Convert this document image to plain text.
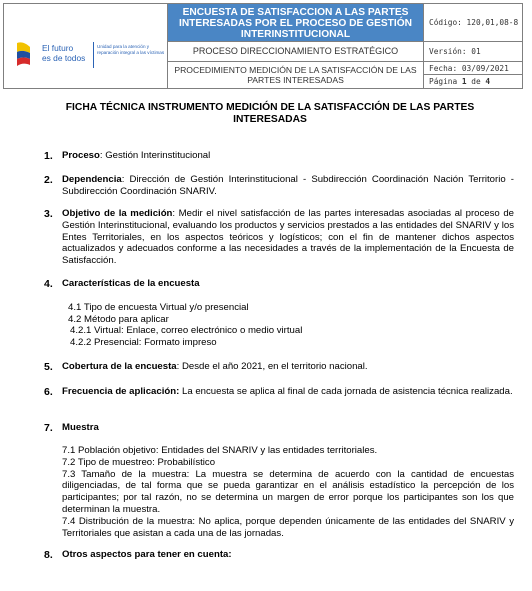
El futuro
es de todos
Unidad para la atención y reparación integral a las víctimas
ENCUESTA DE SATISFACCION A LAS PARTES INTERESADAS POR EL PROCESO DE GESTIÓN INTERINSTITUCIONAL
PROCESO DIRECCIONAMIENTO ESTRATÉGICO
PROCEDIMIENTO MEDICIÓN DE LA SATISFACCIÓN DE LAS PARTES INTERESADAS
Código: 120,01,08-8
Versión: 01
Fecha: 03/09/2021
Página 1 de 4
FICHA TÉCNICA INSTRUMENTO MEDICIÓN DE LA SATISFACCIÓN DE LAS PARTES INTERESADAS
1. Proceso: Gestión Interinstitucional
2. Dependencia: Dirección de Gestión Interinstitucional - Subdirección Coordinación Nación Territorio - Subdirección Coordinación SNARIV.
3. Objetivo de la medición: Medir el nivel satisfacción de las partes interesadas asociadas al proceso de Gestión Interinstitucional, evaluando los productos y servicios prestados a las entidades del SNARIV y los Entes Territoriales, en los aspectos teóricos y logísticos; con el fin de mantener dichos aspectos actualizados y adecuados conforme a las necesidades a través de la implementación de la Encuesta de Satisfacción.
4. Características de la encuesta
4.1 Tipo de encuesta Virtual y/o presencial
4.2 Método para aplicar
4.2.1 Virtual: Enlace, correo electrónico o medio virtual
4.2.2 Presencial: Formato impreso
5. Cobertura de la encuesta: Desde el año 2021, en el territorio nacional.
6. Frecuencia de aplicación: La encuesta se aplica al final de cada jornada de asistencia técnica realizada.
7. Muestra

7.1 Población objetivo: Entidades del SNARIV y las entidades territoriales.

7.2 Tipo de muestreo: Probabilístico

7.3 Tamaño de la muestra: La muestra se determina de acuerdo con la cantidad de encuestas diligenciadas, de tal forma que se pueda garantizar en el análisis estadístico la percepción de los participantes; por tal razón, no se determina un margen de error porque los participantes son los que determinan la muestra.

7.4 Distribución de la muestra: No aplica, porque dependen únicamente de las entidades del SNARIV y Territoriales que asistan a cada una de las jornadas.

8. Otros aspectos para tener en cuenta:
